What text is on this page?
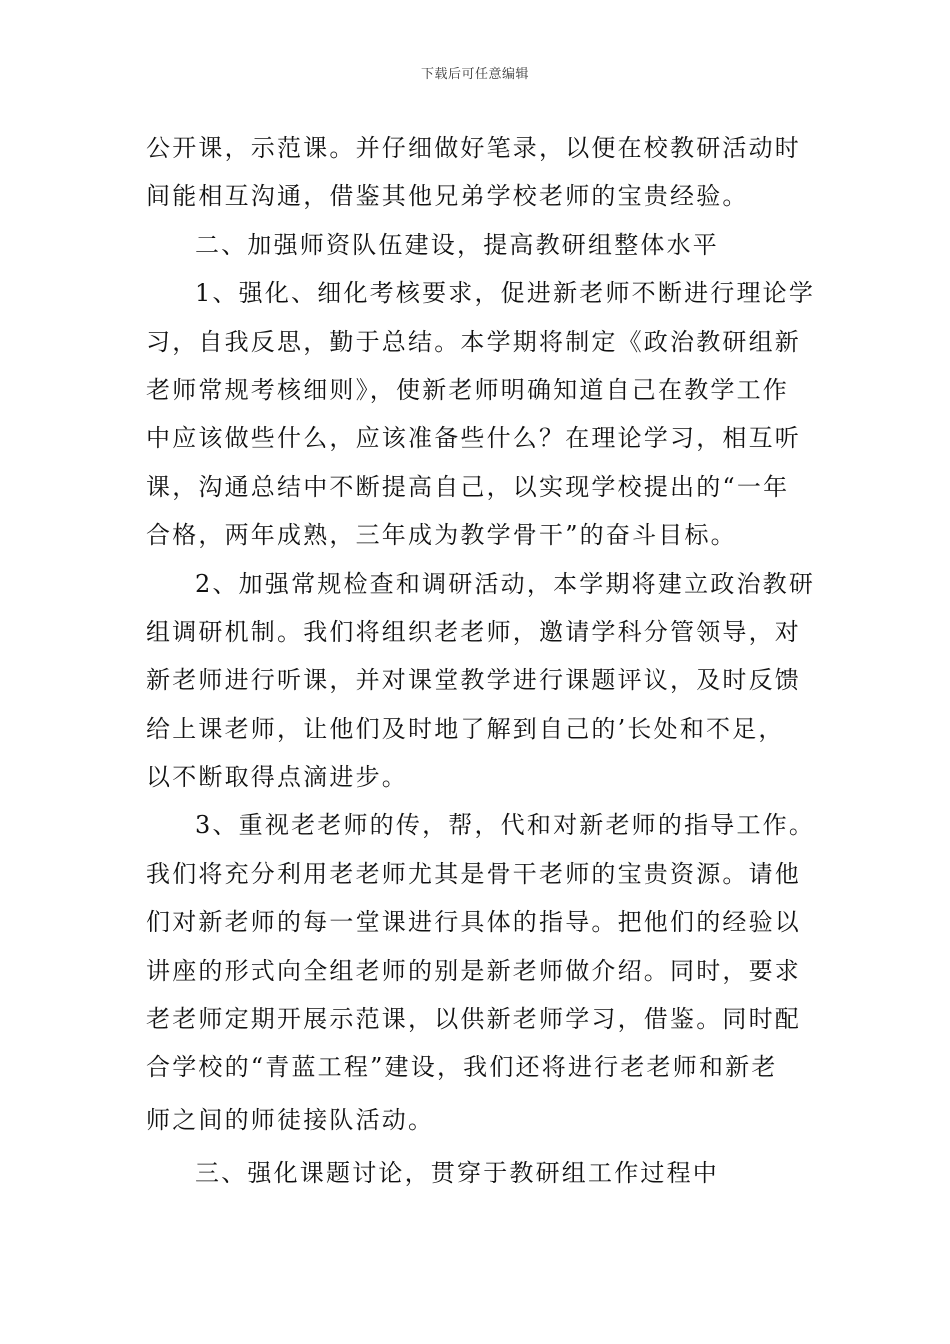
下载后可任意编辑
公开课，示范课。并仔细做好笔录，以便在校教研活动时
间能相互沟通，借鉴其他兄弟学校老师的宝贵经验。
二、加强师资队伍建设，提高教研组整体水平
1、强化、细化考核要求，促进新老师不断进行理论学
习，自我反思，勤于总结。本学期将制定《政治教研组新
老师常规考核细则》，使新老师明确知道自己在教学工作
中应该做些什么，应该准备些什么？在理论学习，相互听
课，沟通总结中不断提高自己，以实现学校提出的“一年
合格，两年成熟，三年成为教学骨干”的奋斗目标。
2、加强常规检查和调研活动，本学期将建立政治教研
组调研机制。我们将组织老老师，邀请学科分管领导，对
新老师进行听课，并对课堂教学进行课题评议，及时反馈
给上课老师，让他们及时地了解到自己的’长处和不足，
以不断取得点滴进步。
3、重视老老师的传，帮，代和对新老师的指导工作。
我们将充分利用老老师尤其是骨干老师的宝贵资源。请他
们对新老师的每一堂课进行具体的指导。把他们的经验以
讲座的形式向全组老师的别是新老师做介绍。同时，要求
老老师定期开展示范课，以供新老师学习，借鉴。同时配
合学校的“青蓝工程”建设，我们还将进行老老师和新老
师之间的师徒接队活动。
三、强化课题讨论，贯穿于教研组工作过程中
